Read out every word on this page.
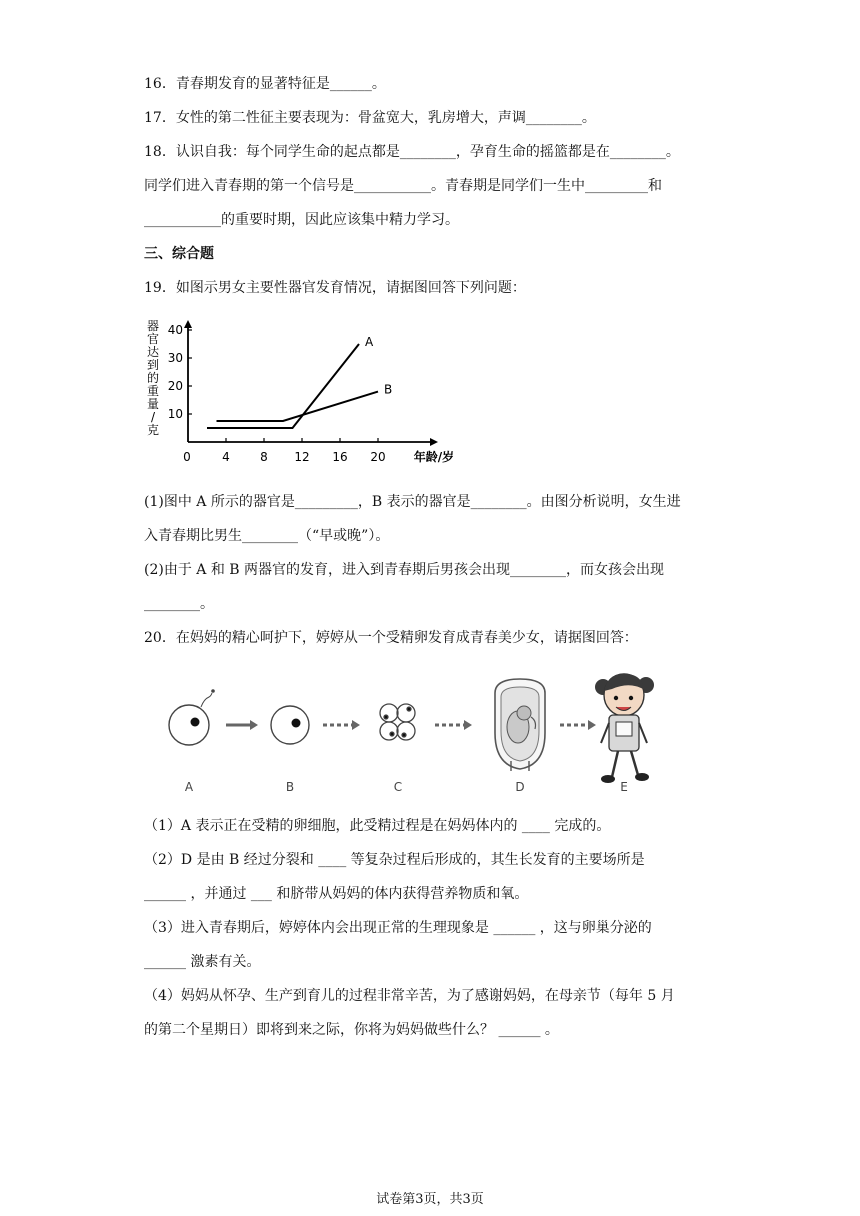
16．青春期发育的显著特征是______。
17．女性的第二性征主要表现为：骨盆宽大，乳房增大，声调________。
18．认识自我：每个同学生命的起点都是________，孕育生命的摇篮都是在________。
同学们进入青春期的第一个信号是___________。青春期是同学们一生中_________和
___________的重要时期，因此应该集中精力学习。
三、综合题
19．如图示男女主要性器官发育情况，请据图回答下列问题：
0	4	8 12 16 20
10
20
30
40
年龄/岁
A
B
器
官
达
到
的
重
量
/
克
(1)图中 A 所示的器官是_________，B 表示的器官是________。由图分析说明，女生进
入青春期比男生________（“早或晚”）。
(2)由于 A 和 B 两器官的发育，进入到青春期后男孩会出现________，而女孩会出现
________。
20．在妈妈的精心呵护下，婷婷从一个受精卵发育成青春美少女，请据图回答：
A	B	C	D	E
（1）A 表示正在受精的卵细胞，此受精过程是在妈妈体内的 ____ 完成的。
（2）D 是由 B 经过分裂和 ____ 等复杂过程后形成的，其生长发育的主要场所是
______ ，并通过 ___ 和脐带从妈妈的体内获得营养物质和氧。
（3）进入青春期后，婷婷体内会出现正常的生理现象是 ______ ，这与卵巢分泌的
______ 激素有关。
（4）妈妈从怀孕、生产到育儿的过程非常辛苦，为了感谢妈妈，在母亲节（每年 5 月
的第二个星期日）即将到来之际，你将为妈妈做些什么？ ______ 。
试卷第3页，共3页
